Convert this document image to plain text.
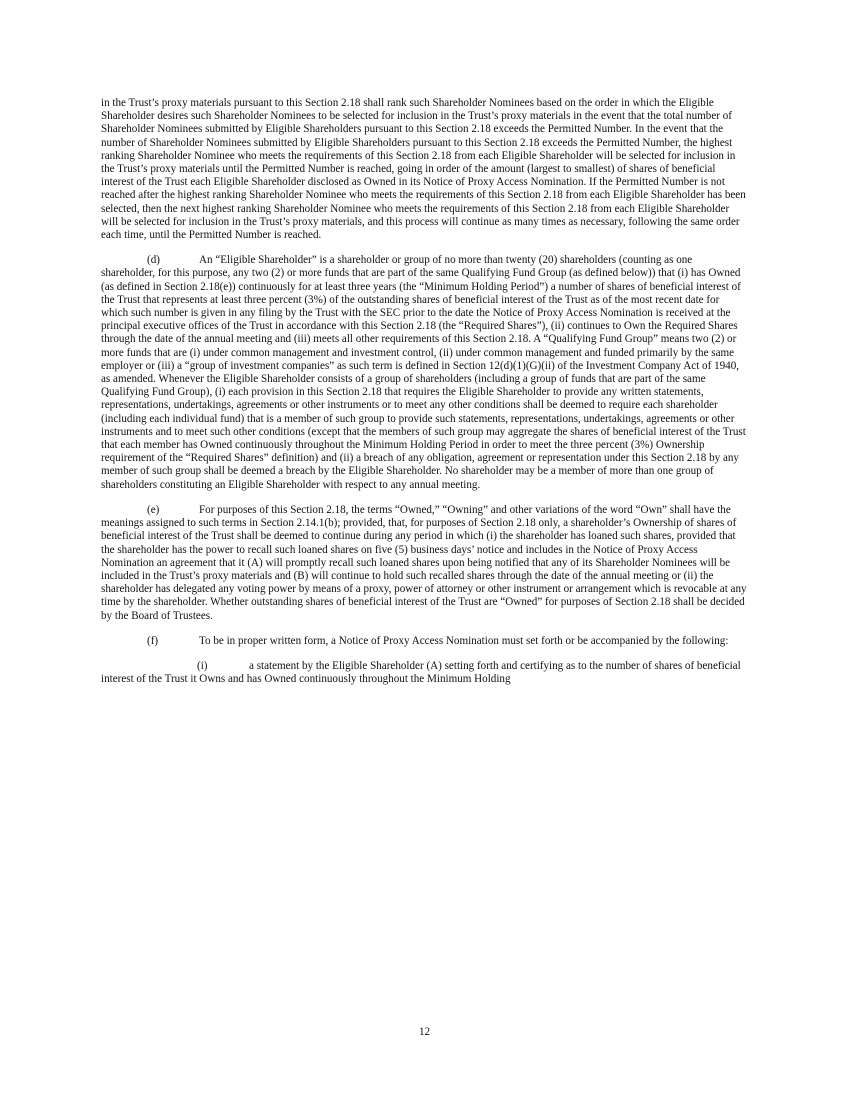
in the Trust’s proxy materials pursuant to this Section 2.18 shall rank such Shareholder Nominees based on the order in which the Eligible Shareholder desires such Shareholder Nominees to be selected for inclusion in the Trust’s proxy materials in the event that the total number of Shareholder Nominees submitted by Eligible Shareholders pursuant to this Section 2.18 exceeds the Permitted Number. In the event that the number of Shareholder Nominees submitted by Eligible Shareholders pursuant to this Section 2.18 exceeds the Permitted Number, the highest ranking Shareholder Nominee who meets the requirements of this Section 2.18 from each Eligible Shareholder will be selected for inclusion in the Trust’s proxy materials until the Permitted Number is reached, going in order of the amount (largest to smallest) of shares of beneficial interest of the Trust each Eligible Shareholder disclosed as Owned in its Notice of Proxy Access Nomination. If the Permitted Number is not reached after the highest ranking Shareholder Nominee who meets the requirements of this Section 2.18 from each Eligible Shareholder has been selected, then the next highest ranking Shareholder Nominee who meets the requirements of this Section 2.18 from each Eligible Shareholder will be selected for inclusion in the Trust’s proxy materials, and this process will continue as many times as necessary, following the same order each time, until the Permitted Number is reached.

(d)	An “Eligible Shareholder” is a shareholder or group of no more than twenty (20) shareholders (counting as one shareholder, for this purpose, any two (2) or more funds that are part of the same Qualifying Fund Group (as defined below)) that (i) has Owned (as defined in Section 2.18(e)) continuously for at least three years (the “Minimum Holding Period”) a number of shares of beneficial interest of the Trust that represents at least three percent (3%) of the outstanding shares of beneficial interest of the Trust as of the most recent date for which such number is given in any filing by the Trust with the SEC prior to the date the Notice of Proxy Access Nomination is received at the principal executive offices of the Trust in accordance with this Section 2.18 (the “Required Shares”), (ii) continues to Own the Required Shares through the date of the annual meeting and (iii) meets all other requirements of this Section 2.18. A “Qualifying Fund Group” means two (2) or more funds that are (i) under common management and investment control, (ii) under common management and funded primarily by the same employer or (iii) a “group of investment companies” as such term is defined in Section 12(d)(1)(G)(ii) of the Investment Company Act of 1940, as amended. Whenever the Eligible Shareholder consists of a group of shareholders (including a group of funds that are part of the same Qualifying Fund Group), (i) each provision in this Section 2.18 that requires the Eligible Shareholder to provide any written statements, representations, undertakings, agreements or other instruments or to meet any other conditions shall be deemed to require each shareholder (including each individual fund) that is a member of such group to provide such statements, representations, undertakings, agreements or other instruments and to meet such other conditions (except that the members of such group may aggregate the shares of beneficial interest of the Trust that each member has Owned continuously throughout the Minimum Holding Period in order to meet the three percent (3%) Ownership requirement of the “Required Shares” definition) and (ii) a breach of any obligation, agreement or representation under this Section 2.18 by any member of such group shall be deemed a breach by the Eligible Shareholder. No shareholder may be a member of more than one group of shareholders constituting an Eligible Shareholder with respect to any annual meeting.

(e)	For purposes of this Section 2.18, the terms “Owned,” “Owning” and other variations of the word “Own” shall have the meanings assigned to such terms in Section 2.14.1(b); provided, that, for purposes of Section 2.18 only, a shareholder’s Ownership of shares of beneficial interest of the Trust shall be deemed to continue during any period in which (i) the shareholder has loaned such shares, provided that the shareholder has the power to recall such loaned shares on five (5) business days’ notice and includes in the Notice of Proxy Access Nomination an agreement that it (A) will promptly recall such loaned shares upon being notified that any of its Shareholder Nominees will be included in the Trust’s proxy materials and (B) will continue to hold such recalled shares through the date of the annual meeting or (ii) the shareholder has delegated any voting power by means of a proxy, power of attorney or other instrument or arrangement which is revocable at any time by the shareholder. Whether outstanding shares of beneficial interest of the Trust are “Owned” for purposes of Section 2.18 shall be decided by the Board of Trustees.

(f)	To be in proper written form, a Notice of Proxy Access Nomination must set forth or be accompanied by the following:

(i)	a statement by the Eligible Shareholder (A) setting forth and certifying as to the number of shares of beneficial interest of the Trust it Owns and has Owned continuously throughout the Minimum Holding

12
